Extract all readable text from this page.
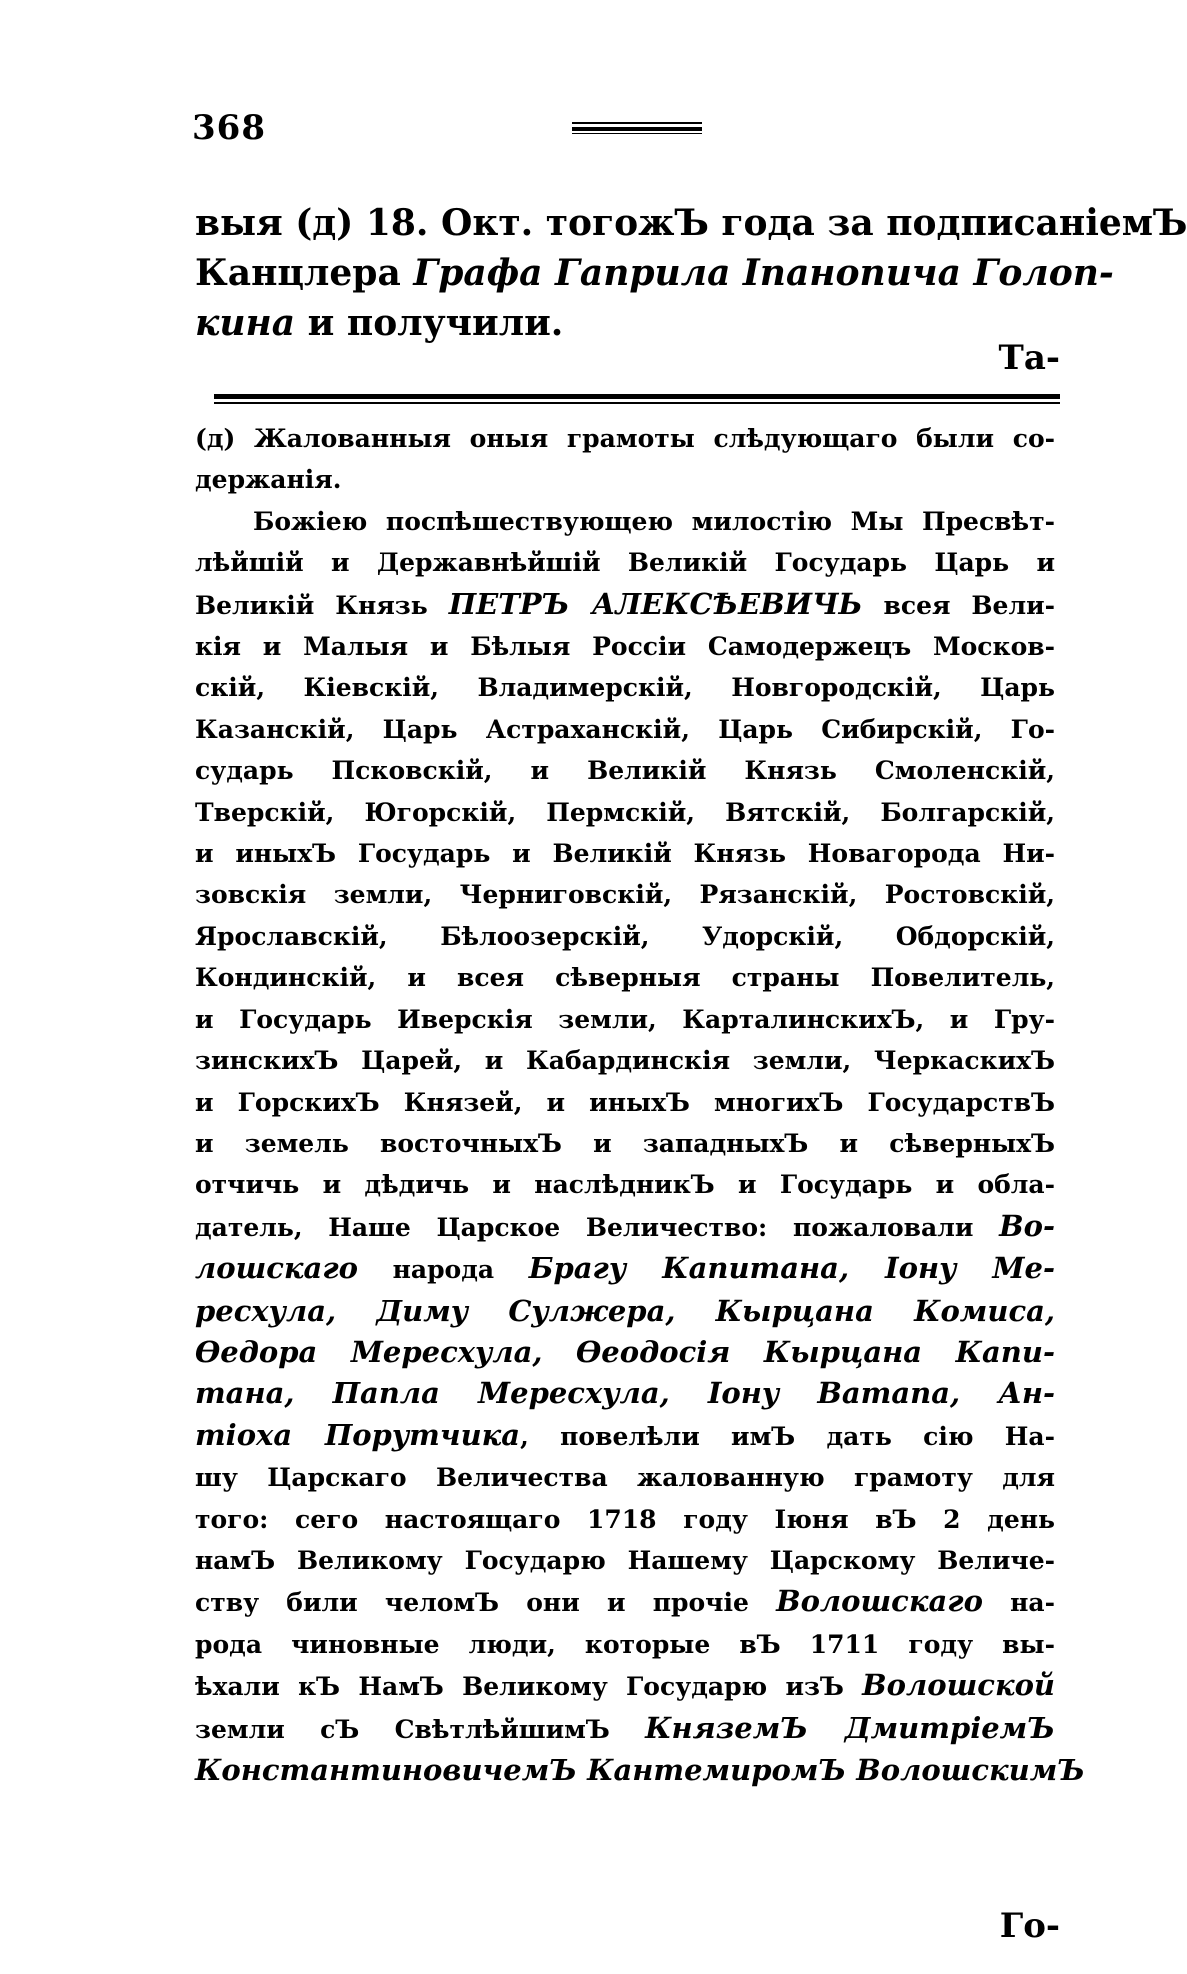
368
выя (д) 18. Окт. тогожЪ года за подписаніемЪ
Канцлера Графа Гаприла Іпанопича Голоп-
кина и получили.
Та-
(д) Жалованныя оныя грамоты слѣдующаго были со-
держанія.
Божіею поспѣшествующею милостію Мы Пресвѣт-
лѣйшій и Державнѣйшій Великій Государь Царь и
Великій Князь ПЕТРЪ АЛЕКСѢЕВИЧЬ всея Вели-
кія и Малыя и Бѣлыя Россіи Самодержецъ Москов-
скій, Кіевскій, Владимерскій, Новгородскій, Царь
Казанскій, Царь Астраханскій, Царь Сибирскій, Го-
сударь Псковскій, и Великій Князь Смоленскій,
Тверскій, Югорскій, Пермскій, Вятскій, Болгарскій,
и иныхЪ Государь и Великій Князь Новагорода Ни-
зовскія земли, Черниговскій, Рязанскій, Ростовскій,
Ярославскій, Бѣлоозерскій, Удорскій, Обдорскій,
Кондинскій, и всея сѣверныя страны Повелитель,
и Государь Иверскія земли, КарталинскихЪ, и Гру-
зинскихЪ Царей, и Кабардинскія земли, ЧеркаскихЪ
и ГорскихЪ Князей, и иныхЪ многихЪ ГосударствЪ
и земель восточныхЪ и западныхЪ и сѣверныхЪ
отчичь и дѣдичь и наслѣдникЪ и Государь и обла-
датель, Наше Царское Величество: пожаловали Во-
лошскаго народа Брагу Капитана, Іону Ме-
ресхула, Диму Сулжера, Кырцана Комиса,
Ѳедора Мересхула, Ѳеодосія Кырцана Капи-
тана, Папла Мересхула, Іону Ватапа, Ан-
тіоха Порутчика, повелѣли имЪ дать сію На-
шу Царскаго Величества жалованную грамоту для
того: сего настоящаго 1718 году Іюня вЪ 2 день
намЪ Великому Государю Нашему Царскому Величе-
ству били челомЪ они и прочіе Волошскаго на-
рода чиновные люди, которые вЪ 1711 году вы-
ѣхали кЪ НамЪ Великому Государю изЪ Волошской
земли сЪ СвѣтлѣйшимЪ КняземЪ ДмитріемЪ
КонстантиновичемЪ КантемиромЪ ВолошскимЪ
Го-
